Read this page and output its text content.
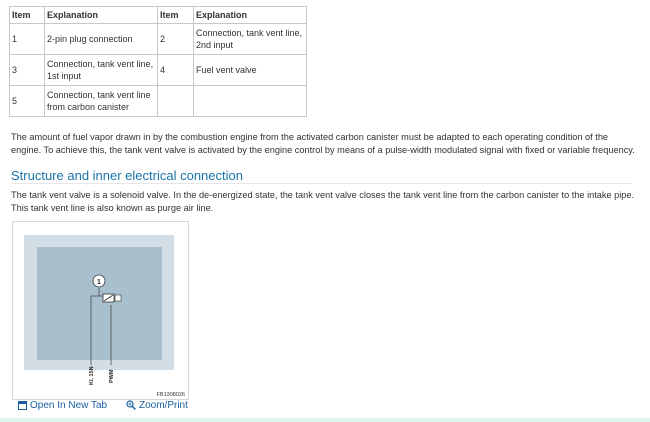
Item	Explanation	Item	Explanation
1	2-pin plug connection	2	Connection, tank vent line, 2nd input
3	Connection, tank vent line, 1st input	4	Fuel vent valve
5	Connection, tank vent line from carbon canister		

The amount of fuel vapor drawn in by the combustion engine from the activated carbon canister must be adapted to each operating condition of the engine. To achieve this, the tank vent valve is activated by the engine control by means of a pulse-width modulated signal with fixed or variable frequency.

Structure and inner electrical connection

The tank vent valve is a solenoid valve. In the de-energized state, the tank vent valve closes the tank vent line from the carbon canister to the intake pipe. This tank vent line is also known as purge air line.

1
Kl. 15N	PWM
FB1308026
Open In New Tab	Zoom/Print
